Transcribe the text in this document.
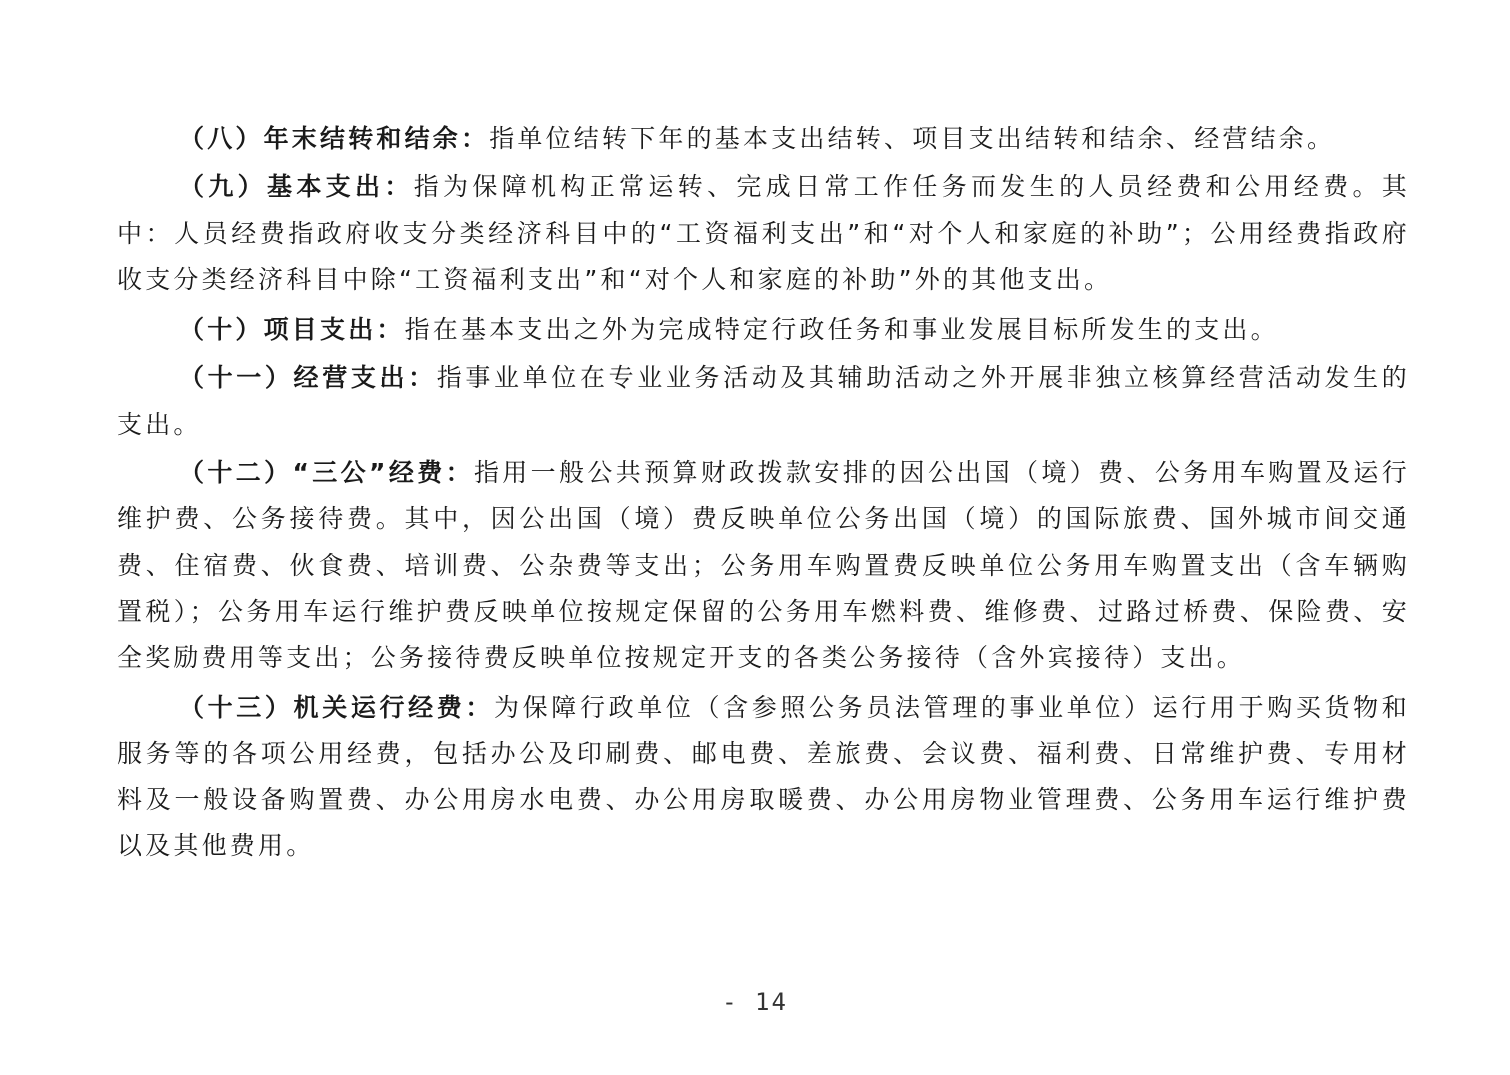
（八）年末结转和结余：指单位结转下年的基本支出结转、项目支出结转和结余、经营结余。

（九）基本支出：指为保障机构正常运转、完成日常工作任务而发生的人员经费和公用经费。其中：人员经费指政府收支分类经济科目中的“工资福利支出”和“对个人和家庭的补助”；公用经费指政府收支分类经济科目中除“工资福利支出”和“对个人和家庭的补助”外的其他支出。

（十）项目支出：指在基本支出之外为完成特定行政任务和事业发展目标所发生的支出。

（十一）经营支出：指事业单位在专业业务活动及其辅助活动之外开展非独立核算经营活动发生的支出。

（十二）“三公”经费：指用一般公共预算财政拨款安排的因公出国（境）费、公务用车购置及运行维护费、公务接待费。其中，因公出国（境）费反映单位公务出国（境）的国际旅费、国外城市间交通费、住宿费、伙食费、培训费、公杂费等支出；公务用车购置费反映单位公务用车购置支出（含车辆购置税）；公务用车运行维护费反映单位按规定保留的公务用车燃料费、维修费、过路过桥费、保险费、安全奖励费用等支出；公务接待费反映单位按规定开支的各类公务接待（含外宾接待）支出。

（十三）机关运行经费：为保障行政单位（含参照公务员法管理的事业单位）运行用于购买货物和服务等的各项公用经费，包括办公及印刷费、邮电费、差旅费、会议费、福利费、日常维护费、专用材料及一般设备购置费、办公用房水电费、办公用房取暖费、办公用房物业管理费、公务用车运行维护费以及其他费用。

- 14
